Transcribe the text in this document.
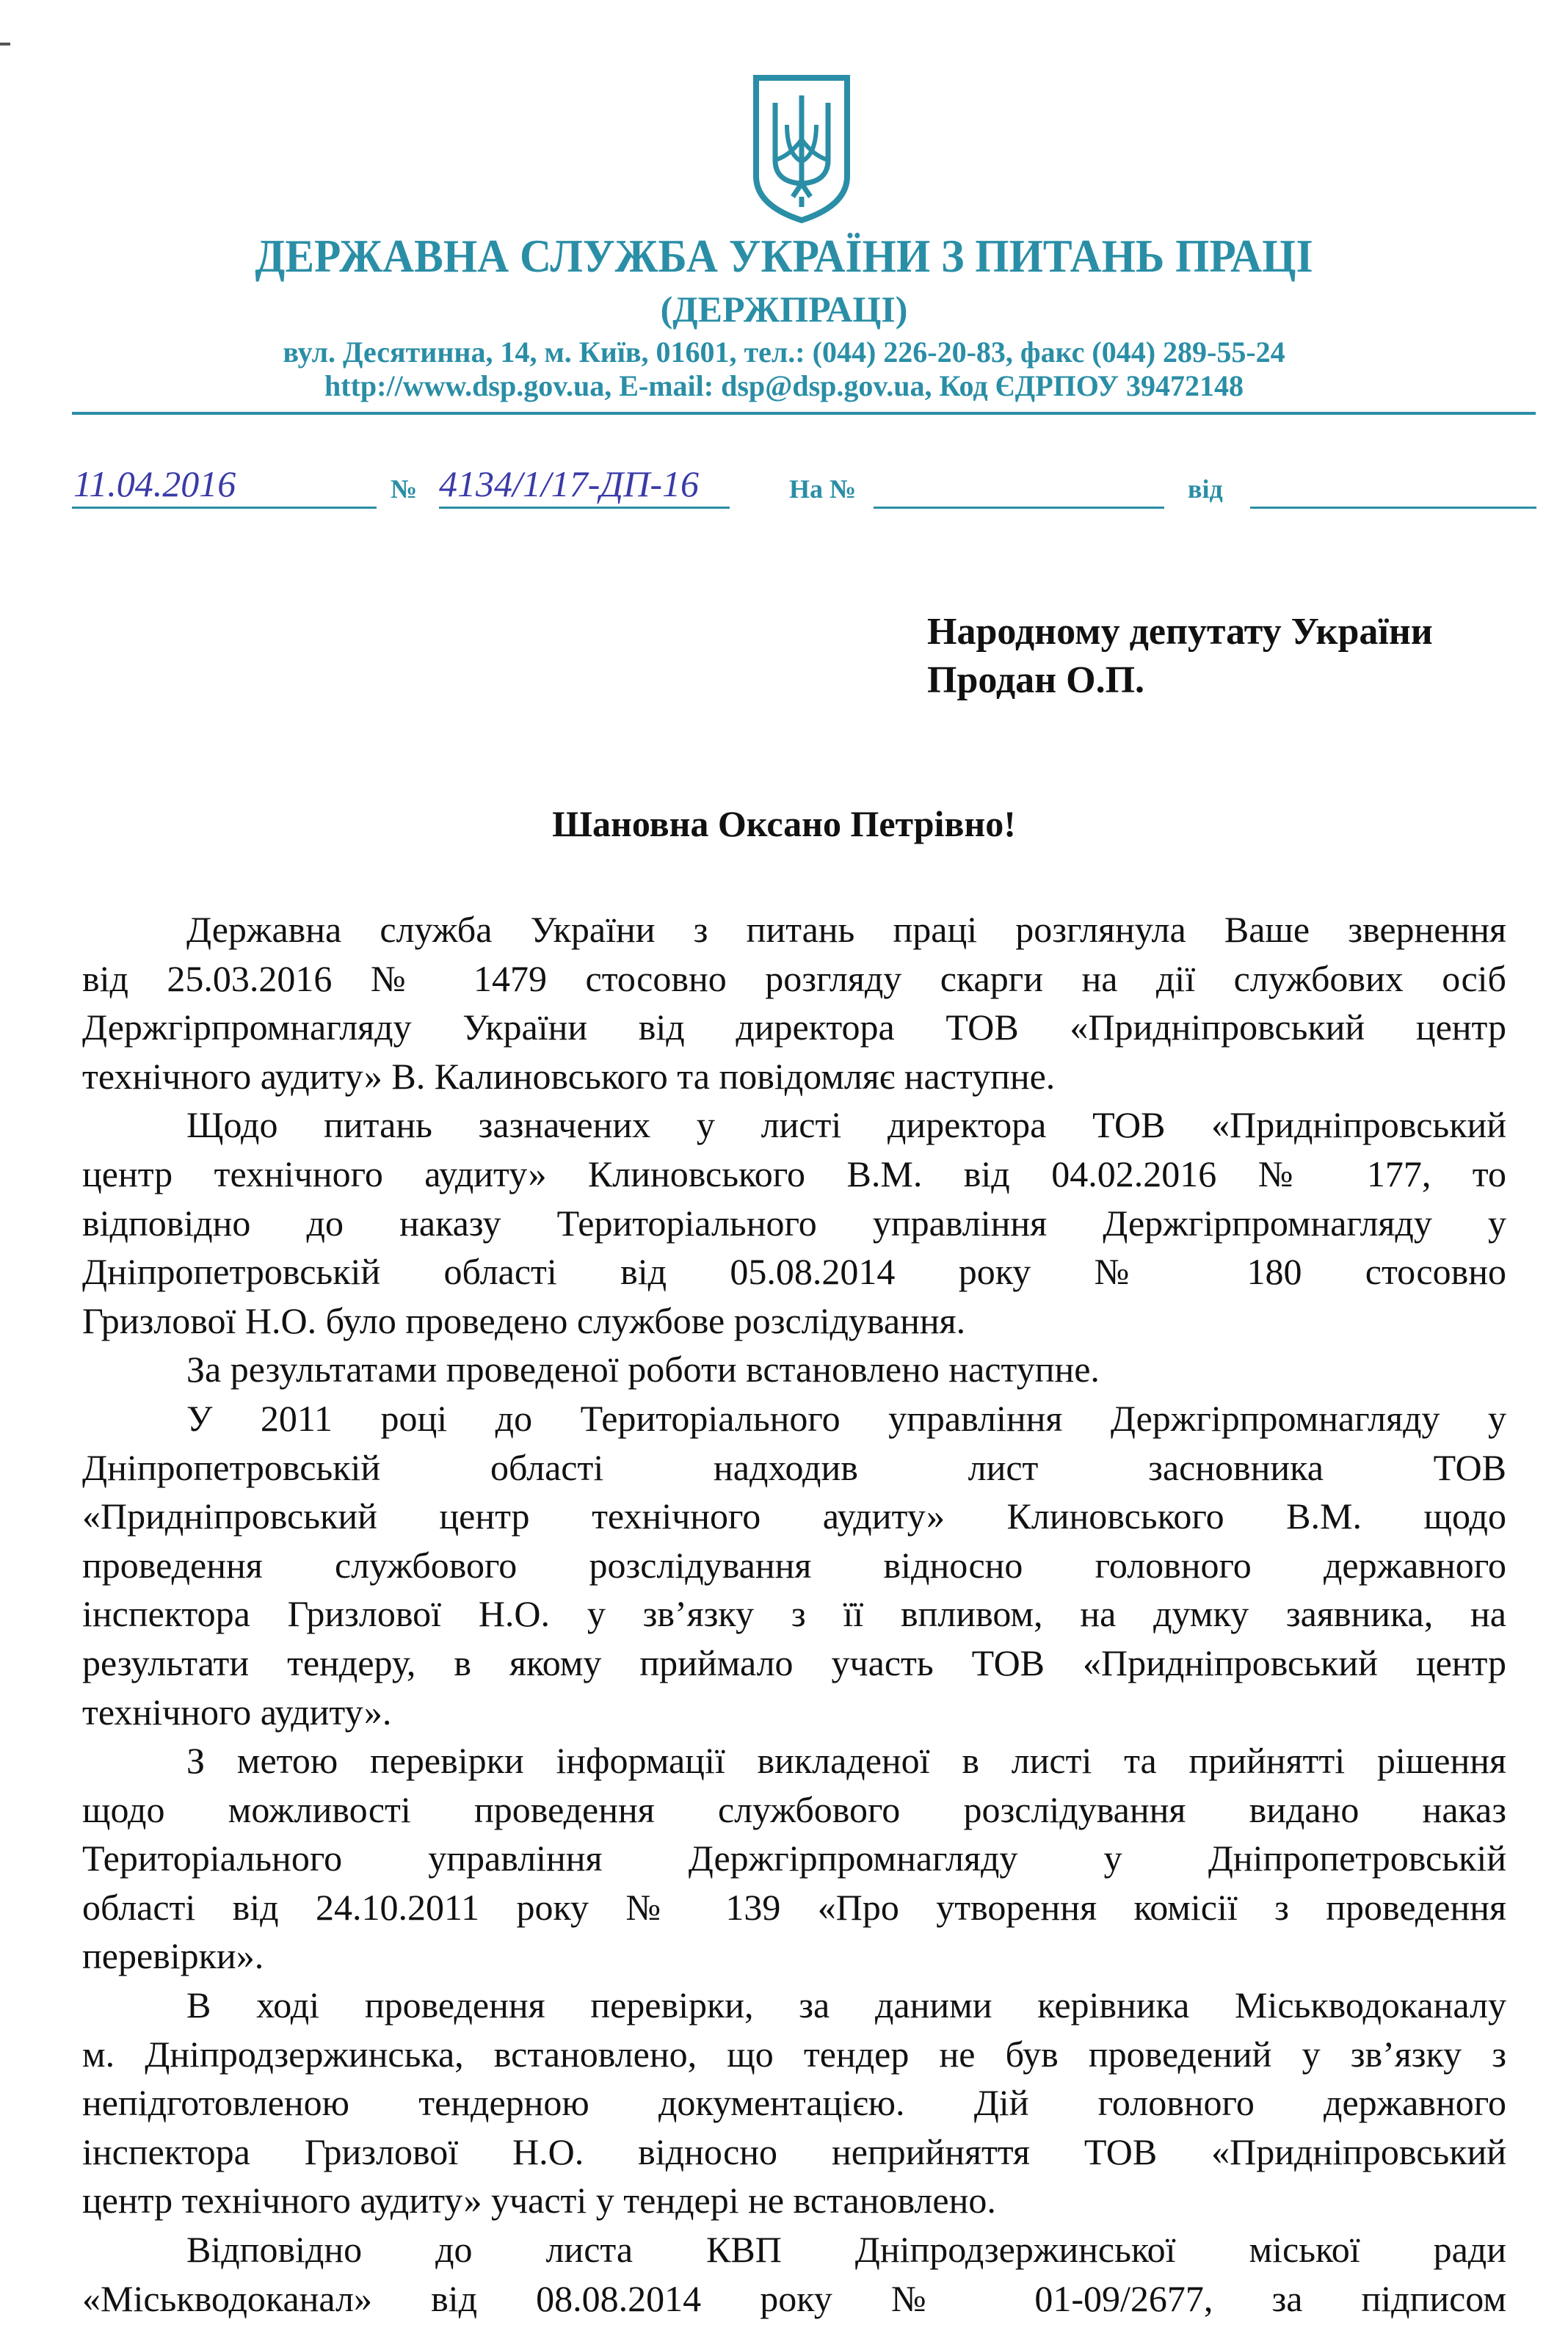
ДЕРЖАВНА СЛУЖБА УКРАЇНИ З ПИТАНЬ ПРАЦІ
(ДЕРЖПРАЦІ)
вул. Десятинна, 14, м. Київ, 01601, тел.: (044) 226-20-83, факс (044) 289-55-24
http://www.dsp.gov.ua, E-mail: dsp@dsp.gov.ua, Код ЄДРПОУ 39472148
11.04.2016	№ 4134/1/17-ДП-16	На №	від
Народному депутату України
Продан О.П.
Шановна Оксано Петрівно!
Державна служба України з питань праці розглянула Ваше звернення
від 25.03.2016 № 1479 стосовно розгляду скарги на дії службових осіб
Держгірпромнагляду України від директора ТОВ «Придніпровський центр
технічного аудиту» В. Калиновського та повідомляє наступне.
Щодо питань зазначених у листі директора ТОВ «Придніпровський
центр технічного аудиту» Клиновського В.М. від 04.02.2016 № 177, то
відповідно до наказу Територіального управління Держгірпромнагляду у
Дніпропетровській області від 05.08.2014 року № 180 стосовно
Гризлової Н.О. було проведено службове розслідування.
За результатами проведеної роботи встановлено наступне.
У 2011 році до Територіального управління Держгірпромнагляду у
Дніпропетровській області надходив лист засновника ТОВ
«Придніпровський центр технічного аудиту» Клиновського В.М. щодо
проведення службового розслідування відносно головного державного
інспектора Гризлової Н.О. у зв’язку з її впливом, на думку заявника, на
результати тендеру, в якому приймало участь ТОВ «Придніпровський центр
технічного аудиту».
З метою перевірки інформації викладеної в листі та прийнятті рішення
щодо можливості проведення службового розслідування видано наказ
Територіального управління Держгірпромнагляду у Дніпропетровській
області від 24.10.2011 року № 139 «Про утворення комісії з проведення
перевірки».
В ході проведення перевірки, за даними керівника Міськводоканалу
м. Дніпродзержинська, встановлено, що тендер не був проведений у зв’язку з
непідготовленою тендерною документацією. Дій головного державного
інспектора Гризлової Н.О. відносно неприйняття ТОВ «Придніпровський
центр технічного аудиту» участі у тендері не встановлено.
Відповідно до листа КВП Дніпродзержинської міської ради
«Міськводоканал» від 08.08.2014 року № 01-09/2677, за підписом
